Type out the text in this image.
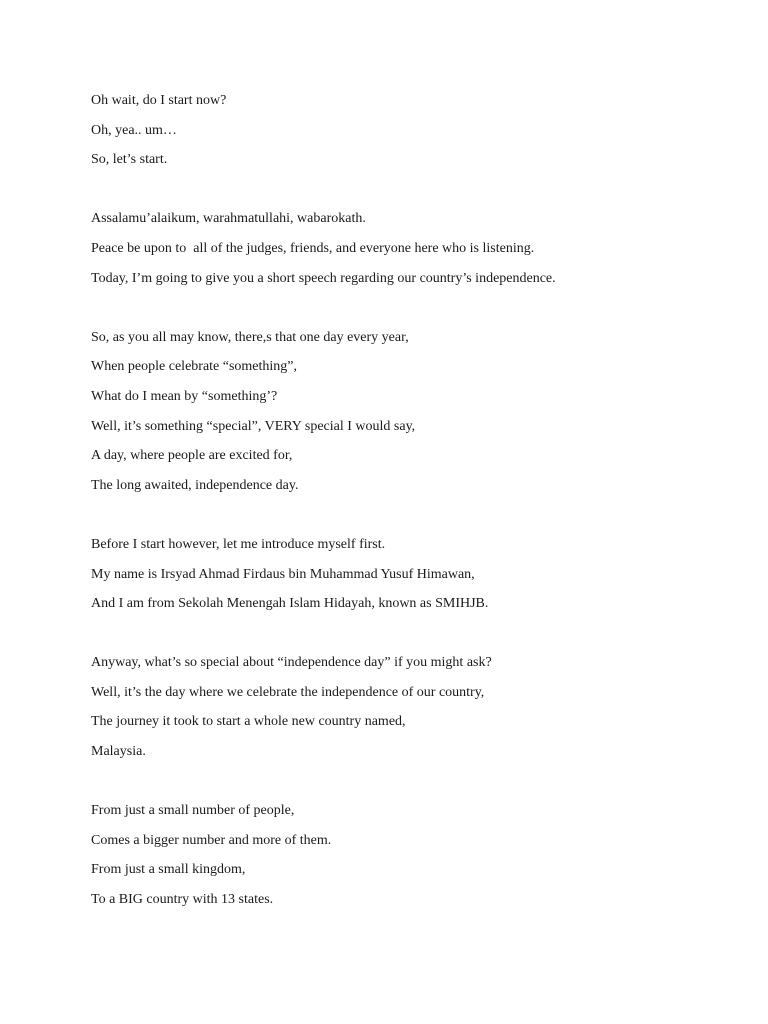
Oh wait, do I start now?
Oh, yea.. um…
So, let’s start.
Assalamu’alaikum, warahmatullahi, wabarokath.
Peace be upon to  all of the judges, friends, and everyone here who is listening.
Today, I’m going to give you a short speech regarding our country’s independence.
So, as you all may know, there,s that one day every year,
When people celebrate “something”,
What do I mean by “something’?
Well, it’s something “special”, VERY special I would say,
A day, where people are excited for,
The long awaited, independence day.
Before I start however, let me introduce myself first.
My name is Irsyad Ahmad Firdaus bin Muhammad Yusuf Himawan,
And I am from Sekolah Menengah Islam Hidayah, known as SMIHJB.
Anyway, what’s so special about “independence day” if you might ask?
Well, it’s the day where we celebrate the independence of our country,
The journey it took to start a whole new country named,
Malaysia.
From just a small number of people,
Comes a bigger number and more of them.
From just a small kingdom,
To a BIG country with 13 states.
